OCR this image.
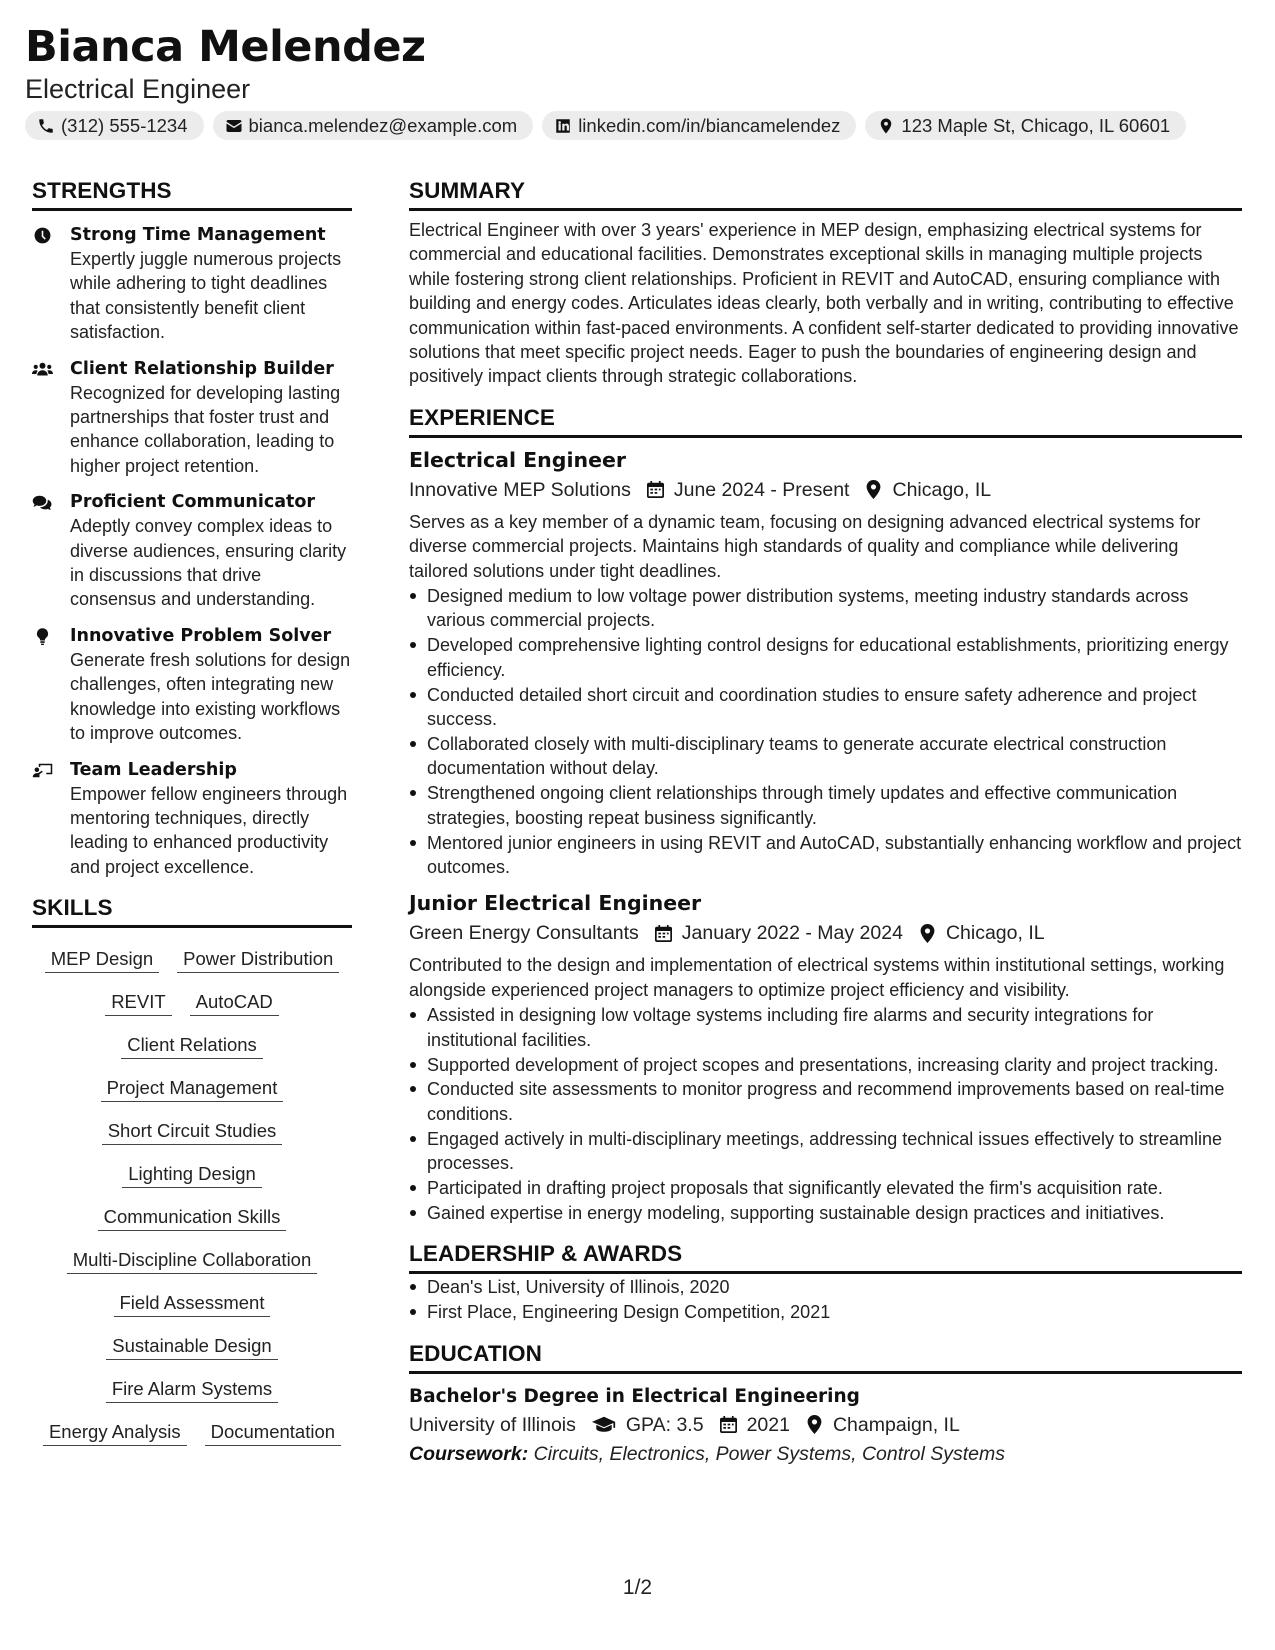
Bianca Melendez
Electrical Engineer
(312) 555-1234	bianca.melendez@example.com	linkedin.com/in/biancamelendez	123 Maple St, Chicago, IL 60601
STRENGTHS
Strong Time Management
Expertly juggle numerous projects while adhering to tight deadlines that consistently benefit client satisfaction.
Client Relationship Builder
Recognized for developing lasting partnerships that foster trust and enhance collaboration, leading to higher project retention.
Proficient Communicator
Adeptly convey complex ideas to diverse audiences, ensuring clarity in discussions that drive consensus and understanding.
Innovative Problem Solver
Generate fresh solutions for design challenges, often integrating new knowledge into existing workflows to improve outcomes.
Team Leadership
Empower fellow engineers through mentoring techniques, directly leading to enhanced productivity and project excellence.
SKILLS
MEP Design	Power Distribution
REVIT	AutoCAD
Client Relations
Project Management
Short Circuit Studies
Lighting Design
Communication Skills
Multi-Discipline Collaboration
Field Assessment
Sustainable Design
Fire Alarm Systems
Energy Analysis	Documentation
SUMMARY
Electrical Engineer with over 3 years' experience in MEP design, emphasizing electrical systems for commercial and educational facilities. Demonstrates exceptional skills in managing multiple projects while fostering strong client relationships. Proficient in REVIT and AutoCAD, ensuring compliance with building and energy codes. Articulates ideas clearly, both verbally and in writing, contributing to effective communication within fast-paced environments. A confident self-starter dedicated to providing innovative solutions that meet specific project needs. Eager to push the boundaries of engineering design and positively impact clients through strategic collaborations.
EXPERIENCE
Electrical Engineer
Innovative MEP Solutions June 2024 - Present Chicago, IL
Serves as a key member of a dynamic team, focusing on designing advanced electrical systems for diverse commercial projects. Maintains high standards of quality and compliance while delivering tailored solutions under tight deadlines.
Designed medium to low voltage power distribution systems, meeting industry standards across various commercial projects.
Developed comprehensive lighting control designs for educational establishments, prioritizing energy efficiency.
Conducted detailed short circuit and coordination studies to ensure safety adherence and project success.
Collaborated closely with multi-disciplinary teams to generate accurate electrical construction documentation without delay.
Strengthened ongoing client relationships through timely updates and effective communication strategies, boosting repeat business significantly.
Mentored junior engineers in using REVIT and AutoCAD, substantially enhancing workflow and project outcomes.
Junior Electrical Engineer
Green Energy Consultants January 2022 - May 2024 Chicago, IL
Contributed to the design and implementation of electrical systems within institutional settings, working alongside experienced project managers to optimize project efficiency and visibility.
Assisted in designing low voltage systems including fire alarms and security integrations for institutional facilities.
Supported development of project scopes and presentations, increasing clarity and project tracking.
Conducted site assessments to monitor progress and recommend improvements based on real-time conditions.
Engaged actively in multi-disciplinary meetings, addressing technical issues effectively to streamline processes.
Participated in drafting project proposals that significantly elevated the firm's acquisition rate.
Gained expertise in energy modeling, supporting sustainable design practices and initiatives.
LEADERSHIP & AWARDS
Dean's List, University of Illinois, 2020
First Place, Engineering Design Competition, 2021
EDUCATION
Bachelor's Degree in Electrical Engineering
University of Illinois	GPA: 3.5 2021 Champaign, IL
Coursework: Circuits, Electronics, Power Systems, Control Systems
1/2
